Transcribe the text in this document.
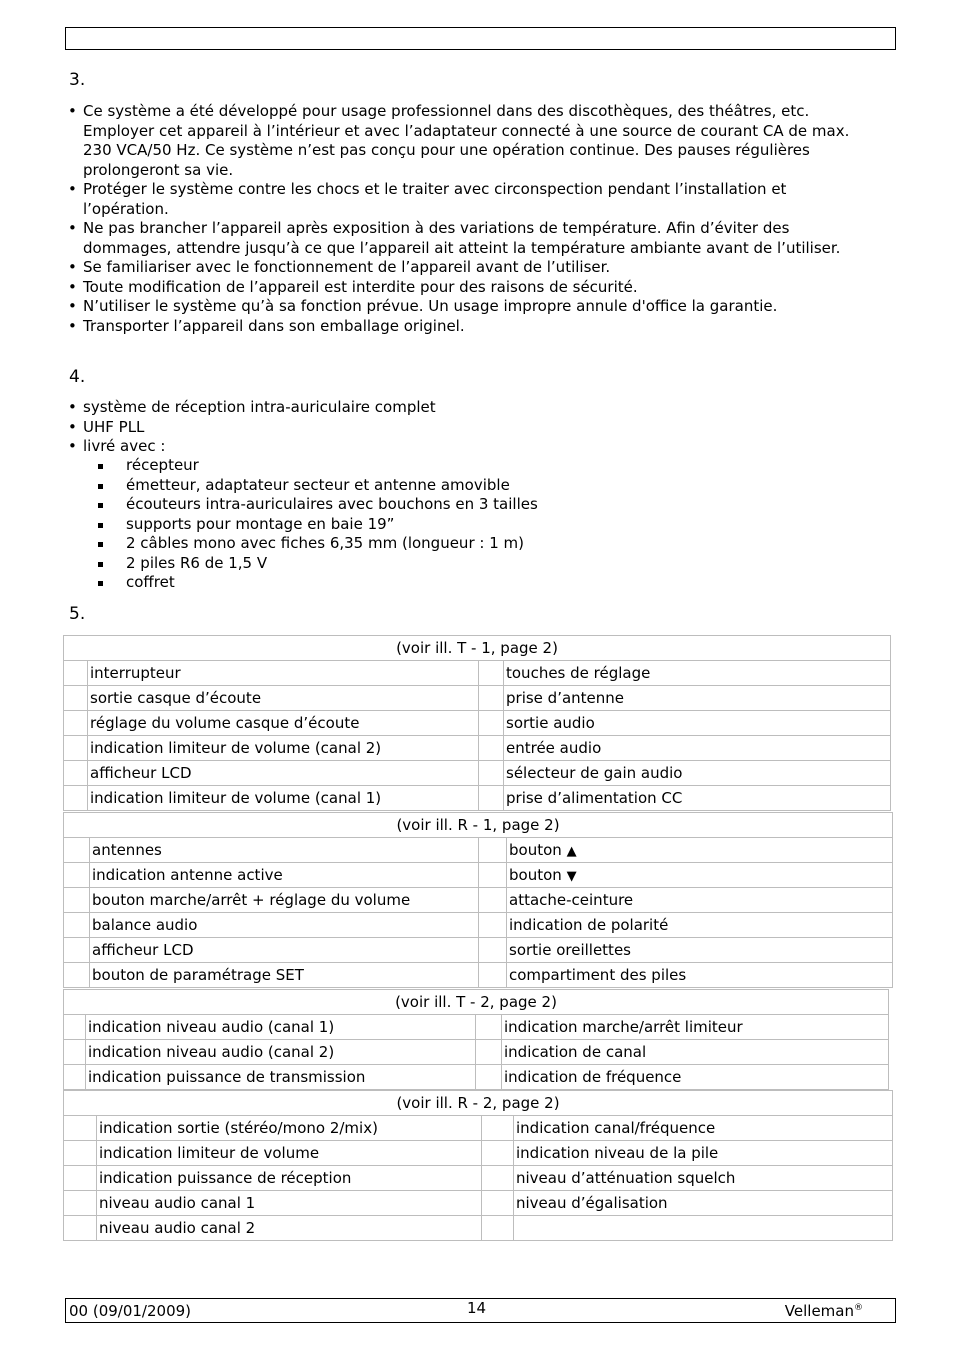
3.
• Ce système a été développé pour usage professionnel dans des discothèques, des théâtres, etc. Employer cet appareil à l’intérieur et avec l’adaptateur connecté à une source de courant CA de max. 230 VCA/50 Hz. Ce système n’est pas conçu pour une opération continue. Des pauses régulières prolongeront sa vie.
• Protéger le système contre les chocs et le traiter avec circonspection pendant l’installation et l’opération.
• Ne pas brancher l’appareil après exposition à des variations de température. Afin d’éviter des dommages, attendre jusqu’à ce que l’appareil ait atteint la température ambiante avant de l’utiliser.
• Se familiariser avec le fonctionnement de l’appareil avant de l’utiliser.
• Toute modification de l’appareil est interdite pour des raisons de sécurité.
• N’utiliser le système qu’à sa fonction prévue. Un usage impropre annule d'office la garantie.
• Transporter l’appareil dans son emballage originel.
4.
• système de réception intra-auriculaire complet
• UHF PLL
• livré avec :
récepteur
émetteur, adaptateur secteur et antenne amovible
écouteurs intra-auriculaires avec bouchons en 3 tailles
supports pour montage en baie 19”
2 câbles mono avec fiches 6,35 mm (longueur : 1 m)
2 piles R6 de 1,5 V
coffret
5.
(voir ill. T - 1, page 2)			
	interrupteur		touches de réglage
	sortie casque d’écoute		prise d’antenne
	réglage du volume casque d’écoute		sortie audio
	indication limiteur de volume (canal 2)		entrée audio
	afficheur LCD		sélecteur de gain audio
	indication limiteur de volume (canal 1)		prise d’alimentation CC
(voir ill. R - 1, page 2)			
	antennes		bouton ▲
	indication antenne active		bouton ▼
	bouton marche/arrêt + réglage du volume		attache-ceinture
	balance audio		indication de polarité
	afficheur LCD		sortie oreillettes
	bouton de paramétrage SET		compartiment des piles
(voir ill. T - 2, page 2)			
	indication niveau audio (canal 1)		indication marche/arrêt limiteur
	indication niveau audio (canal 2)		indication de canal
	indication puissance de transmission		indication de fréquence
(voir ill. R - 2, page 2)			
	indication sortie (stéréo/mono 2/mix)		indication canal/fréquence
	indication limiteur de volume		indication niveau de la pile
	indication puissance de réception		niveau d’atténuation squelch
	niveau audio canal 1		niveau d’égalisation
	niveau audio canal 2		
00 (09/01/2009)	14	Velleman®
